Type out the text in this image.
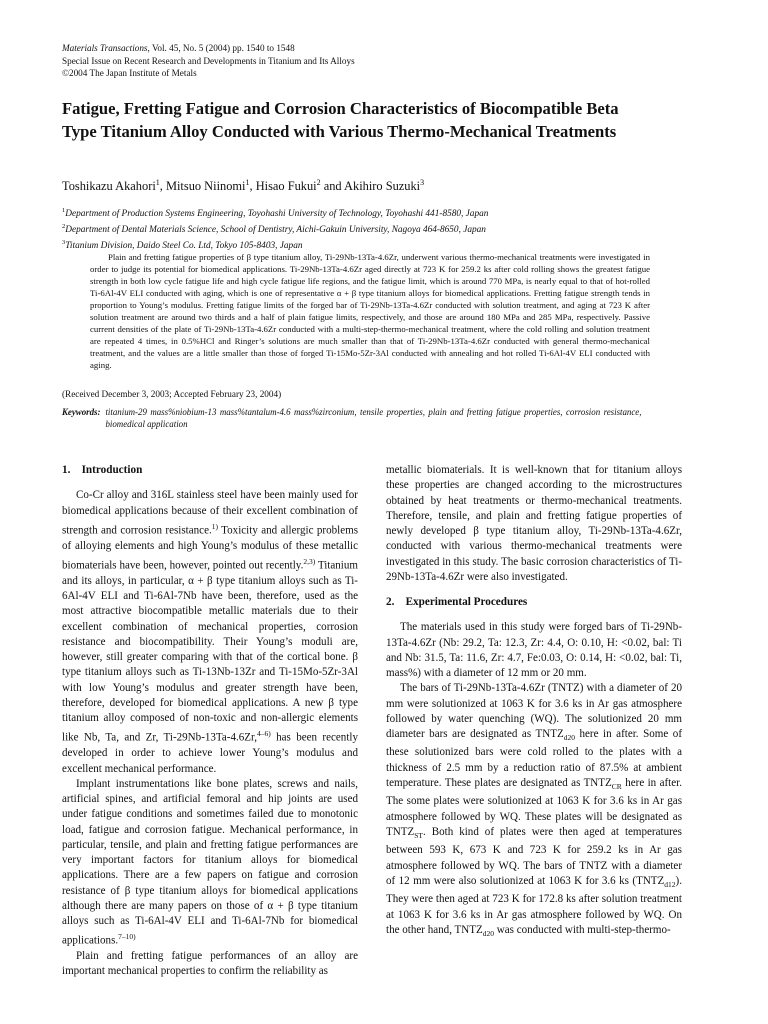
Materials Transactions, Vol. 45, No. 5 (2004) pp. 1540 to 1548
Special Issue on Recent Research and Developments in Titanium and Its Alloys
©2004 The Japan Institute of Metals
Fatigue, Fretting Fatigue and Corrosion Characteristics of Biocompatible Beta Type Titanium Alloy Conducted with Various Thermo-Mechanical Treatments
Toshikazu Akahori$^1$, Mitsuo Niinomi$^1$, Hisao Fukui$^2$ and Akihiro Suzuki$^3$
$^1$Department of Production Systems Engineering, Toyohashi University of Technology, Toyohashi 441-8580, Japan
$^2$Department of Dental Materials Science, School of Dentistry, Aichi-Gakuin University, Nagoya 464-8650, Japan
$^3$Titanium Division, Daido Steel Co. Ltd, Tokyo 105-8403, Japan
Plain and fretting fatigue properties of β type titanium alloy, Ti-29Nb-13Ta-4.6Zr, underwent various thermo-mechanical treatments were investigated in order to judge its potential for biomedical applications. Ti-29Nb-13Ta-4.6Zr aged directly at 723 K for 259.2 ks after cold rolling shows the greatest fatigue strength in both low cycle fatigue life and high cycle fatigue life regions, and the fatigue limit, which is around 770 MPa, is nearly equal to that of hot-rolled Ti-6Al-4V ELI conducted with aging, which is one of representative α + β type titanium alloys for biomedical applications. Fretting fatigue strength tends in proportion to Young’s modulus. Fretting fatigue limits of the forged bar of Ti-29Nb-13Ta-4.6Zr conducted with solution treatment, and aging at 723 K after solution treatment are around two thirds and a half of plain fatigue limits, respectively, and those are around 180 MPa and 285 MPa, respectively. Passive current densities of the plate of Ti-29Nb-13Ta-4.6Zr conducted with a multi-step-thermo-mechanical treatment, where the cold rolling and solution treatment are repeated 4 times, in 0.5%HCl and Ringer’s solutions are much smaller than that of Ti-29Nb-13Ta-4.6Zr conducted with general thermo-mechanical treatment, and the values are a little smaller than those of forged Ti-15Mo-5Zr-3Al conducted with annealing and hot rolled Ti-6Al-4V ELI conducted with aging.
(Received December 3, 2003; Accepted February 23, 2004)
Keywords: titanium-29 mass%niobium-13 mass%tantalum-4.6 mass%zirconium, tensile properties, plain and fretting fatigue properties, corrosion resistance, biomedical application
1. Introduction

Co-Cr alloy and 316L stainless steel have been mainly used for biomedical applications because of their excellent combination of strength and corrosion resistance.$^{1)}$ Toxicity and allergic problems of alloying elements and high Young’s modulus of these metallic biomaterials have been, however, pointed out recently.$^{2,3)}$ Titanium and its alloys, in particular, α + β type titanium alloys such as Ti-6Al-4V ELI and Ti-6Al-7Nb have been, therefore, used as the most attractive biocompatible metallic materials due to their excellent combination of mechanical properties, corrosion resistance and biocompatibility. Their Young’s moduli are, however, still greater comparing with that of the cortical bone. β type titanium alloys such as Ti-13Nb-13Zr and Ti-15Mo-5Zr-3Al with low Young’s modulus and greater strength have been, therefore, developed for biomedical applications. A new β type titanium alloy composed of non-toxic and non-allergic elements like Nb, Ta, and Zr, Ti-29Nb-13Ta-4.6Zr,$^{4-6)}$ has been recently developed in order to achieve lower Young’s modulus and excellent mechanical performance.

Implant instrumentations like bone plates, screws and nails, artificial spines, and artificial femoral and hip joints are used under fatigue conditions and sometimes failed due to monotonic load, fatigue and corrosion fatigue. Mechanical performance, in particular, tensile, and plain and fretting fatigue performances are very important factors for titanium alloys for biomedical applications. There are a few papers on fatigue and corrosion resistance of β type titanium alloys for biomedical applications although there are many papers on those of α + β type titanium alloys such as Ti-6Al-4V ELI and Ti-6Al-7Nb for biomedical applications.$^{7-10)}$

Plain and fretting fatigue performances of an alloy are important mechanical properties to confirm the reliability as

metallic biomaterials. It is well-known that for titanium alloys these properties are changed according to the microstructures obtained by heat treatments or thermo-mechanical treatments. Therefore, tensile, and plain and fretting fatigue properties of newly developed β type titanium alloy, Ti-29Nb-13Ta-4.6Zr, conducted with various thermo-mechanical treatments were investigated in this study. The basic corrosion characteristics of Ti-29Nb-13Ta-4.6Zr were also investigated.

2. Experimental Procedures

The materials used in this study were forged bars of Ti-29Nb-13Ta-4.6Zr (Nb: 29.2, Ta: 12.3, Zr: 4.4, O: 0.10, H: <0.02, bal: Ti and Nb: 31.5, Ta: 11.6, Zr: 4.7, Fe:0.03, O: 0.14, H: <0.02, bal: Ti, mass%) with a diameter of 12 mm or 20 mm.

The bars of Ti-29Nb-13Ta-4.6Zr (TNTZ) with a diameter of 20 mm were solutionized at 1063 K for 3.6 ks in Ar gas atmosphere followed by water quenching (WQ). The solutionized 20 mm diameter bars are designated as $TNTZ_{d20}$ here in after. Some of these solutionized bars were cold rolled to the plates with a thickness of 2.5 mm by a reduction ratio of 87.5% at ambient temperature. These plates are designated as $TNTZ_{CR}$ here in after. The some plates were solutionized at 1063 K for 3.6 ks in Ar gas atmosphere followed by WQ. These plates will be designated as $TNTZ_{ST}$. Both kind of plates were then aged at temperatures between 593 K, 673 K and 723 K for 259.2 ks in Ar gas atmosphere followed by WQ. The bars of TNTZ with a diameter of 12 mm were also solutionized at 1063 K for 3.6 ks $(TNTZ_{d12})$. They were then aged at 723 K for 172.8 ks after solution treatment at 1063 K for 3.6 ks in Ar gas atmosphere followed by WQ. On the other hand, $TNTZ_{d20}$ was conducted with multi-step-thermo-
